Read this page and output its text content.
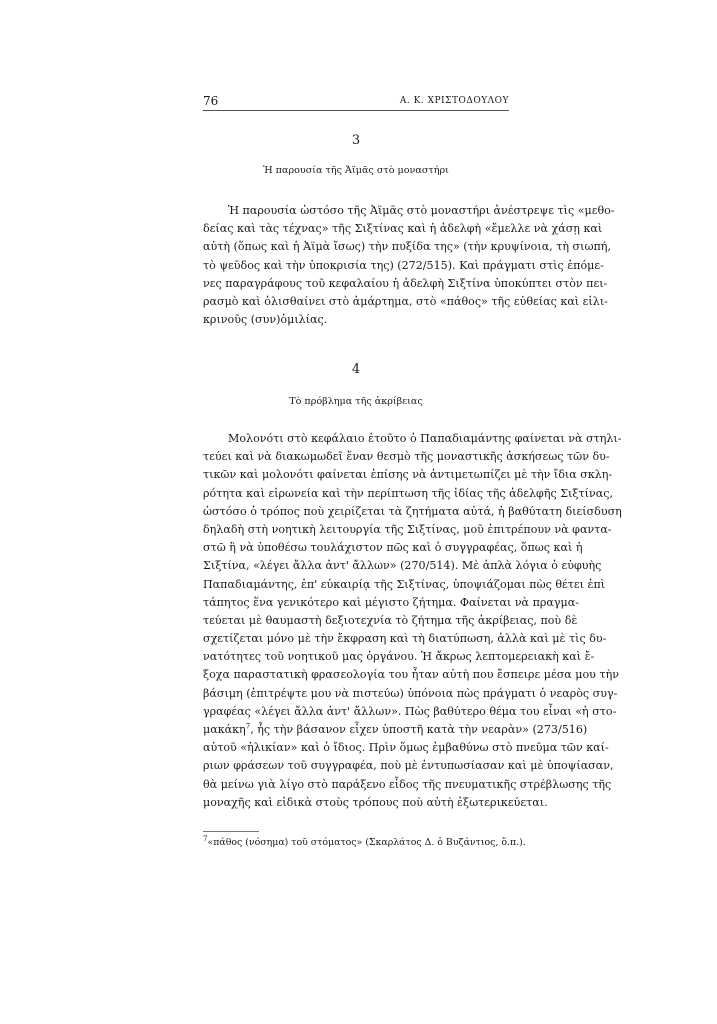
76	Α. Κ. ΧΡΙΣΤΟΔΟΥΛΟΥ
3
Ἡ παρουσία τῆς Ἀϊμᾶς στὸ μοναστήρι
Ἡ παρουσία ὡστόσο τῆς Ἀϊμᾶς στὸ μοναστήρι ἀνέστρεψε τὶς «μεθο-
δείας καὶ τὰς τέχνας» τῆς Σιξτίνας καὶ ἡ ἀδελφὴ «ἔμελλε νὰ χάσῃ καὶ
αὐτὴ (ὅπως καὶ ἡ Ἀϊμὰ ἴσως) τὴν πυξίδα της» (τὴν κρυψίνοια, τὴ σιωπή,
τὸ ψεῦδος καὶ τὴν ὑποκρισία της) (272/515). Καὶ πράγματι στὶς ἑπόμε-
νες παραγράφους τοῦ κεφαλαίου ἡ ἀδελφὴ Σιξτίνα ὑποκύπτει στὸν πει-
ρασμὸ καὶ ὀλισθαίνει στὸ ἁμάρτημα, στὸ «πάθος» τῆς εὐθείας καὶ εἰλι-
κρινοῦς (συν)ὁμιλίας.
4
Τὸ πρόβλημα τῆς ἀκρίβειας
Μολονότι στὸ κεφάλαιο ἐτοῦτο ὁ Παπαδιαμάντης φαίνεται νὰ στηλι-
τεύει καὶ νὰ διακωμωδεῖ ἕναν θεσμὸ τῆς μοναστικῆς ἀσκήσεως τῶν δυ-
τικῶν καὶ μολονότι φαίνεται ἐπίσης νὰ ἀντιμετωπίζει μὲ τὴν ἴδια σκλη-
ρότητα καὶ εἰρωνεία καὶ τὴν περίπτωση τῆς ἰδίας τῆς ἀδελφῆς Σιξτίνας,
ὡστόσο ὁ τρόπος ποὺ χειρίζεται τὰ ζητήματα αὐτά, ἡ βαθύτατη διείσδυση
δηλαδὴ στὴ νοητικὴ λειτουργία τῆς Σιξτίνας, μοῦ ἐπιτρέπουν νὰ φαντα-
στῶ ἢ νὰ ὑποθέσω τουλάχιστον πῶς καὶ ὁ συγγραφέας, ὅπως καὶ ἡ
Σιξτίνα, «λέγει ἄλλα ἀντ' ἄλλων» (270/514). Μὲ ἁπλὰ λόγια ὁ εὐφυὴς
Παπαδιαμάντης, ἐπ' εὐκαιρίᾳ τῆς Σιξτίνας, ὑποψιάζομαι πὼς θέτει ἐπὶ
τάπητος ἕνα γενικότερο καὶ μέγιστο ζήτημα. Φαίνεται νὰ πραγμα-
τεύεται μὲ θαυμαστὴ δεξιοτεχνία τὸ ζήτημα τῆς ἀκρίβειας, ποὺ δὲ
σχετίζεται μόνο μὲ τὴν ἔκφραση καὶ τὴ διατύπωση, ἀλλὰ καὶ μὲ τὶς δυ-
νατότητες τοῦ νοητικοῦ μας ὀργάνου. Ἡ ἄκρως λεπτομερειακὴ καὶ ἔ-
ξοχα παραστατικὴ φρασεολογία του ἦταν αὐτὴ που ἔσπειρε μέσα μου τὴν
βάσιμη (ἐπιτρέψτε μου νὰ πιστεύω) ὑπόνοια πὼς πράγματι ὁ νεαρὸς συγ-
γραφέας «λέγει ἄλλα ἀντ' ἄλλων». Πὼς βαθύτερο θέμα του εἶναι «ἡ στο-
μακάκη$^7$, ἧς τὴν βάσανον εἶχεν ὑποστῆ κατὰ τὴν νεαρὰν» (273/516)
αὐτοῦ «ἡλικίαν» καὶ ὁ ἴδιος. Πρὶν ὅμως ἐμβαθύνω στὸ πνεῦμα τῶν καί-
ριων φράσεων τοῦ συγγραφέα, ποὺ μὲ ἐντυπωσίασαν καὶ μὲ ὑποψίασαν,
θὰ μείνω γιὰ λίγο στὸ παράξενο εἶδος τῆς πνευματικῆς στρέβλωσης τῆς
μοναχῆς καὶ εἰδικὰ στοὺς τρόπους ποὺ αὐτὴ ἐξωτερικεύεται.
$^7$«πάθος (νόσημα) τοῦ στόματος» (Σκαρλάτος Δ. ὁ Βυζάντιος, ὅ.π.).
